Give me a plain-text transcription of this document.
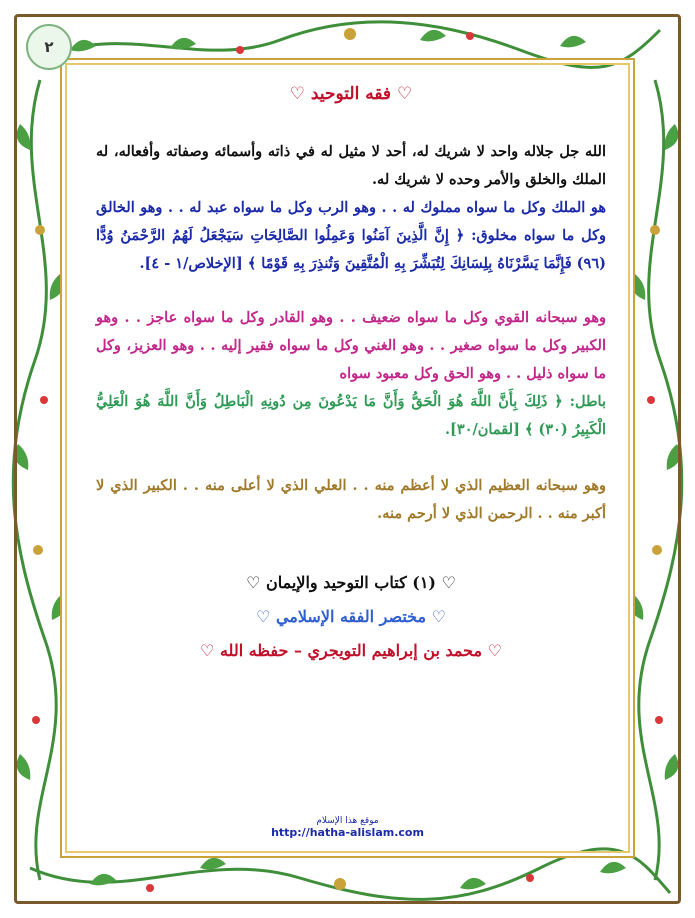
٢
♡ فقه التوحيد ♡

الله جل جلاله واحد لا شريك له، أحد لا مثيل له في ذاته وأسمائه وصفاته وأفعاله، له الملك والخلق والأمر وحده لا شريك له.

هو الملك وكل ما سواه مملوك له . . وهو الرب وكل ما سواه عبد له . . وهو الخالق وكل ما سواه مخلوق: ﴿ إِنَّ الَّذِينَ آمَنُوا وَعَمِلُوا الصَّالِحَاتِ سَيَجْعَلُ لَهُمُ الرَّحْمَنُ وُدًّا (٩٦) فَإِنَّمَا يَسَّرْنَاهُ بِلِسَانِكَ لِتُبَشِّرَ بِهِ الْمُتَّقِينَ وَتُنذِرَ بِهِ قَوْمًا ﴾ [الإخلاص/١ - ٤].

وهو سبحانه القوي وكل ما سواه ضعيف . . وهو القادر وكل ما سواه عاجز . . وهو الكبير وكل ما سواه صغير . . وهو الغني وكل ما سواه فقير إليه . . وهو العزيز، وكل ما سواه ذليل . . وهو الحق وكل معبود سواه

باطل: ﴿ ذَلِكَ بِأَنَّ اللَّهَ هُوَ الْحَقُّ وَأَنَّ مَا يَدْعُونَ مِن دُونِهِ الْبَاطِلُ وَأَنَّ اللَّهَ هُوَ الْعَلِيُّ الْكَبِيرُ (٣٠) ﴾ [لقمان/٣٠].

وهو سبحانه العظيم الذي لا أعظم منه . . العلي الذي لا أعلى منه . . الكبير الذي لا أكبر منه . . الرحمن الذي لا أرحم منه.

♡ (١) كتاب التوحيد والإيمان ♡
♡ مختصر الفقه الإسلامي ♡
♡ محمد بن إبراهيم التويجري – حفظه الله ♡
موقع هذا الإسلام
http://hatha-alislam.com
